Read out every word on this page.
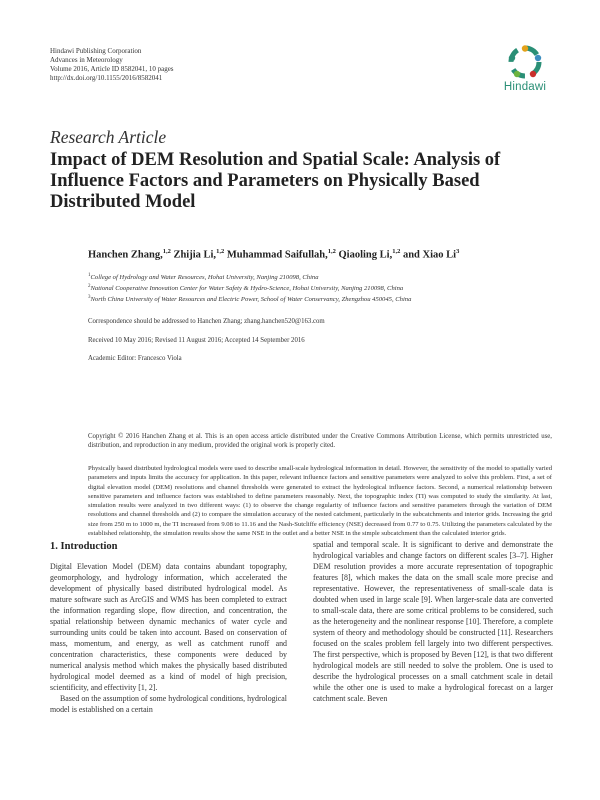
Hindawi Publishing Corporation
Advances in Meteorology
Volume 2016, Article ID 8582041, 10 pages
http://dx.doi.org/10.1155/2016/8582041
Hindawi
Research Article
Impact of DEM Resolution and Spatial Scale: Analysis of Influence Factors and Parameters on Physically Based Distributed Model
Hanchen Zhang,$^{1,2}$ Zhijia Li,$^{1,2}$ Muhammad Saifullah,$^{1,2}$ Qiaoling Li,$^{1,2}$ and Xiao Li$^3$
$^1$College of Hydrology and Water Resources, Hohai University, Nanjing 210098, China
$^2$National Cooperative Innovation Center for Water Safety & Hydro-Science, Hohai University, Nanjing 210098, China
$^3$North China University of Water Resources and Electric Power, School of Water Conservancy, Zhengzhou 450045, China
Correspondence should be addressed to Hanchen Zhang; zhang.hanchen520@163.com
Received 10 May 2016; Revised 11 August 2016; Accepted 14 September 2016
Academic Editor: Francesco Viola
Copyright © 2016 Hanchen Zhang et al. This is an open access article distributed under the Creative Commons Attribution License, which permits unrestricted use, distribution, and reproduction in any medium, provided the original work is properly cited.
Physically based distributed hydrological models were used to describe small-scale hydrological information in detail. However, the sensitivity of the model to spatially varied parameters and inputs limits the accuracy for application. In this paper, relevant influence factors and sensitive parameters were analyzed to solve this problem. First, a set of digital elevation model (DEM) resolutions and channel thresholds were generated to extract the hydrological influence factors. Second, a numerical relationship between sensitive parameters and influence factors was established to define parameters reasonably. Next, the topographic index (TI) was computed to study the similarity. At last, simulation results were analyzed in two different ways: (1) to observe the change regularity of influence factors and sensitive parameters through the variation of DEM resolutions and channel thresholds and (2) to compare the simulation accuracy of the nested catchment, particularly in the subcatchments and interior grids. Increasing the grid size from 250 m to 1000 m, the TI increased from 9.08 to 11.16 and the Nash-Sutcliffe efficiency (NSE) decreased from 0.77 to 0.75. Utilizing the parameters calculated by the established relationship, the simulation results show the same NSE in the outlet and a better NSE in the simple subcatchment than the calculated interior grids.
1. Introduction

Digital Elevation Model (DEM) data contains abundant topography, geomorphology, and hydrology information, which accelerated the development of physically based distributed hydrological model. As mature software such as ArcGIS and WMS has been completed to extract the information regarding slope, flow direction, and concentration, the spatial relationship between dynamic mechanics of water cycle and surrounding units could be taken into account. Based on conservation of mass, momentum, and energy, as well as catchment runoff and concentration characteristics, these components were deduced by numerical analysis method which makes the physically based distributed hydrological model deemed as a kind of model of high precision, scientificity, and effectivity [1, 2].

Based on the assumption of some hydrological conditions, hydrological model is established on a certain

spatial and temporal scale. It is significant to derive and demonstrate the hydrological variables and change factors on different scales [3–7]. Higher DEM resolution provides a more accurate representation of topographic features [8], which makes the data on the small scale more precise and representative. However, the representativeness of small-scale data is doubted when used in large scale [9]. When larger-scale data are converted to small-scale data, there are some critical problems to be considered, such as the heterogeneity and the nonlinear response [10]. Therefore, a complete system of theory and methodology should be constructed [11]. Researchers focused on the scales problem fell largely into two different perspectives. The first perspective, which is proposed by Beven [12], is that two different hydrological models are still needed to solve the problem. One is used to describe the hydrological processes on a small catchment scale in detail while the other one is used to make a hydrological forecast on a larger catchment scale. Beven
